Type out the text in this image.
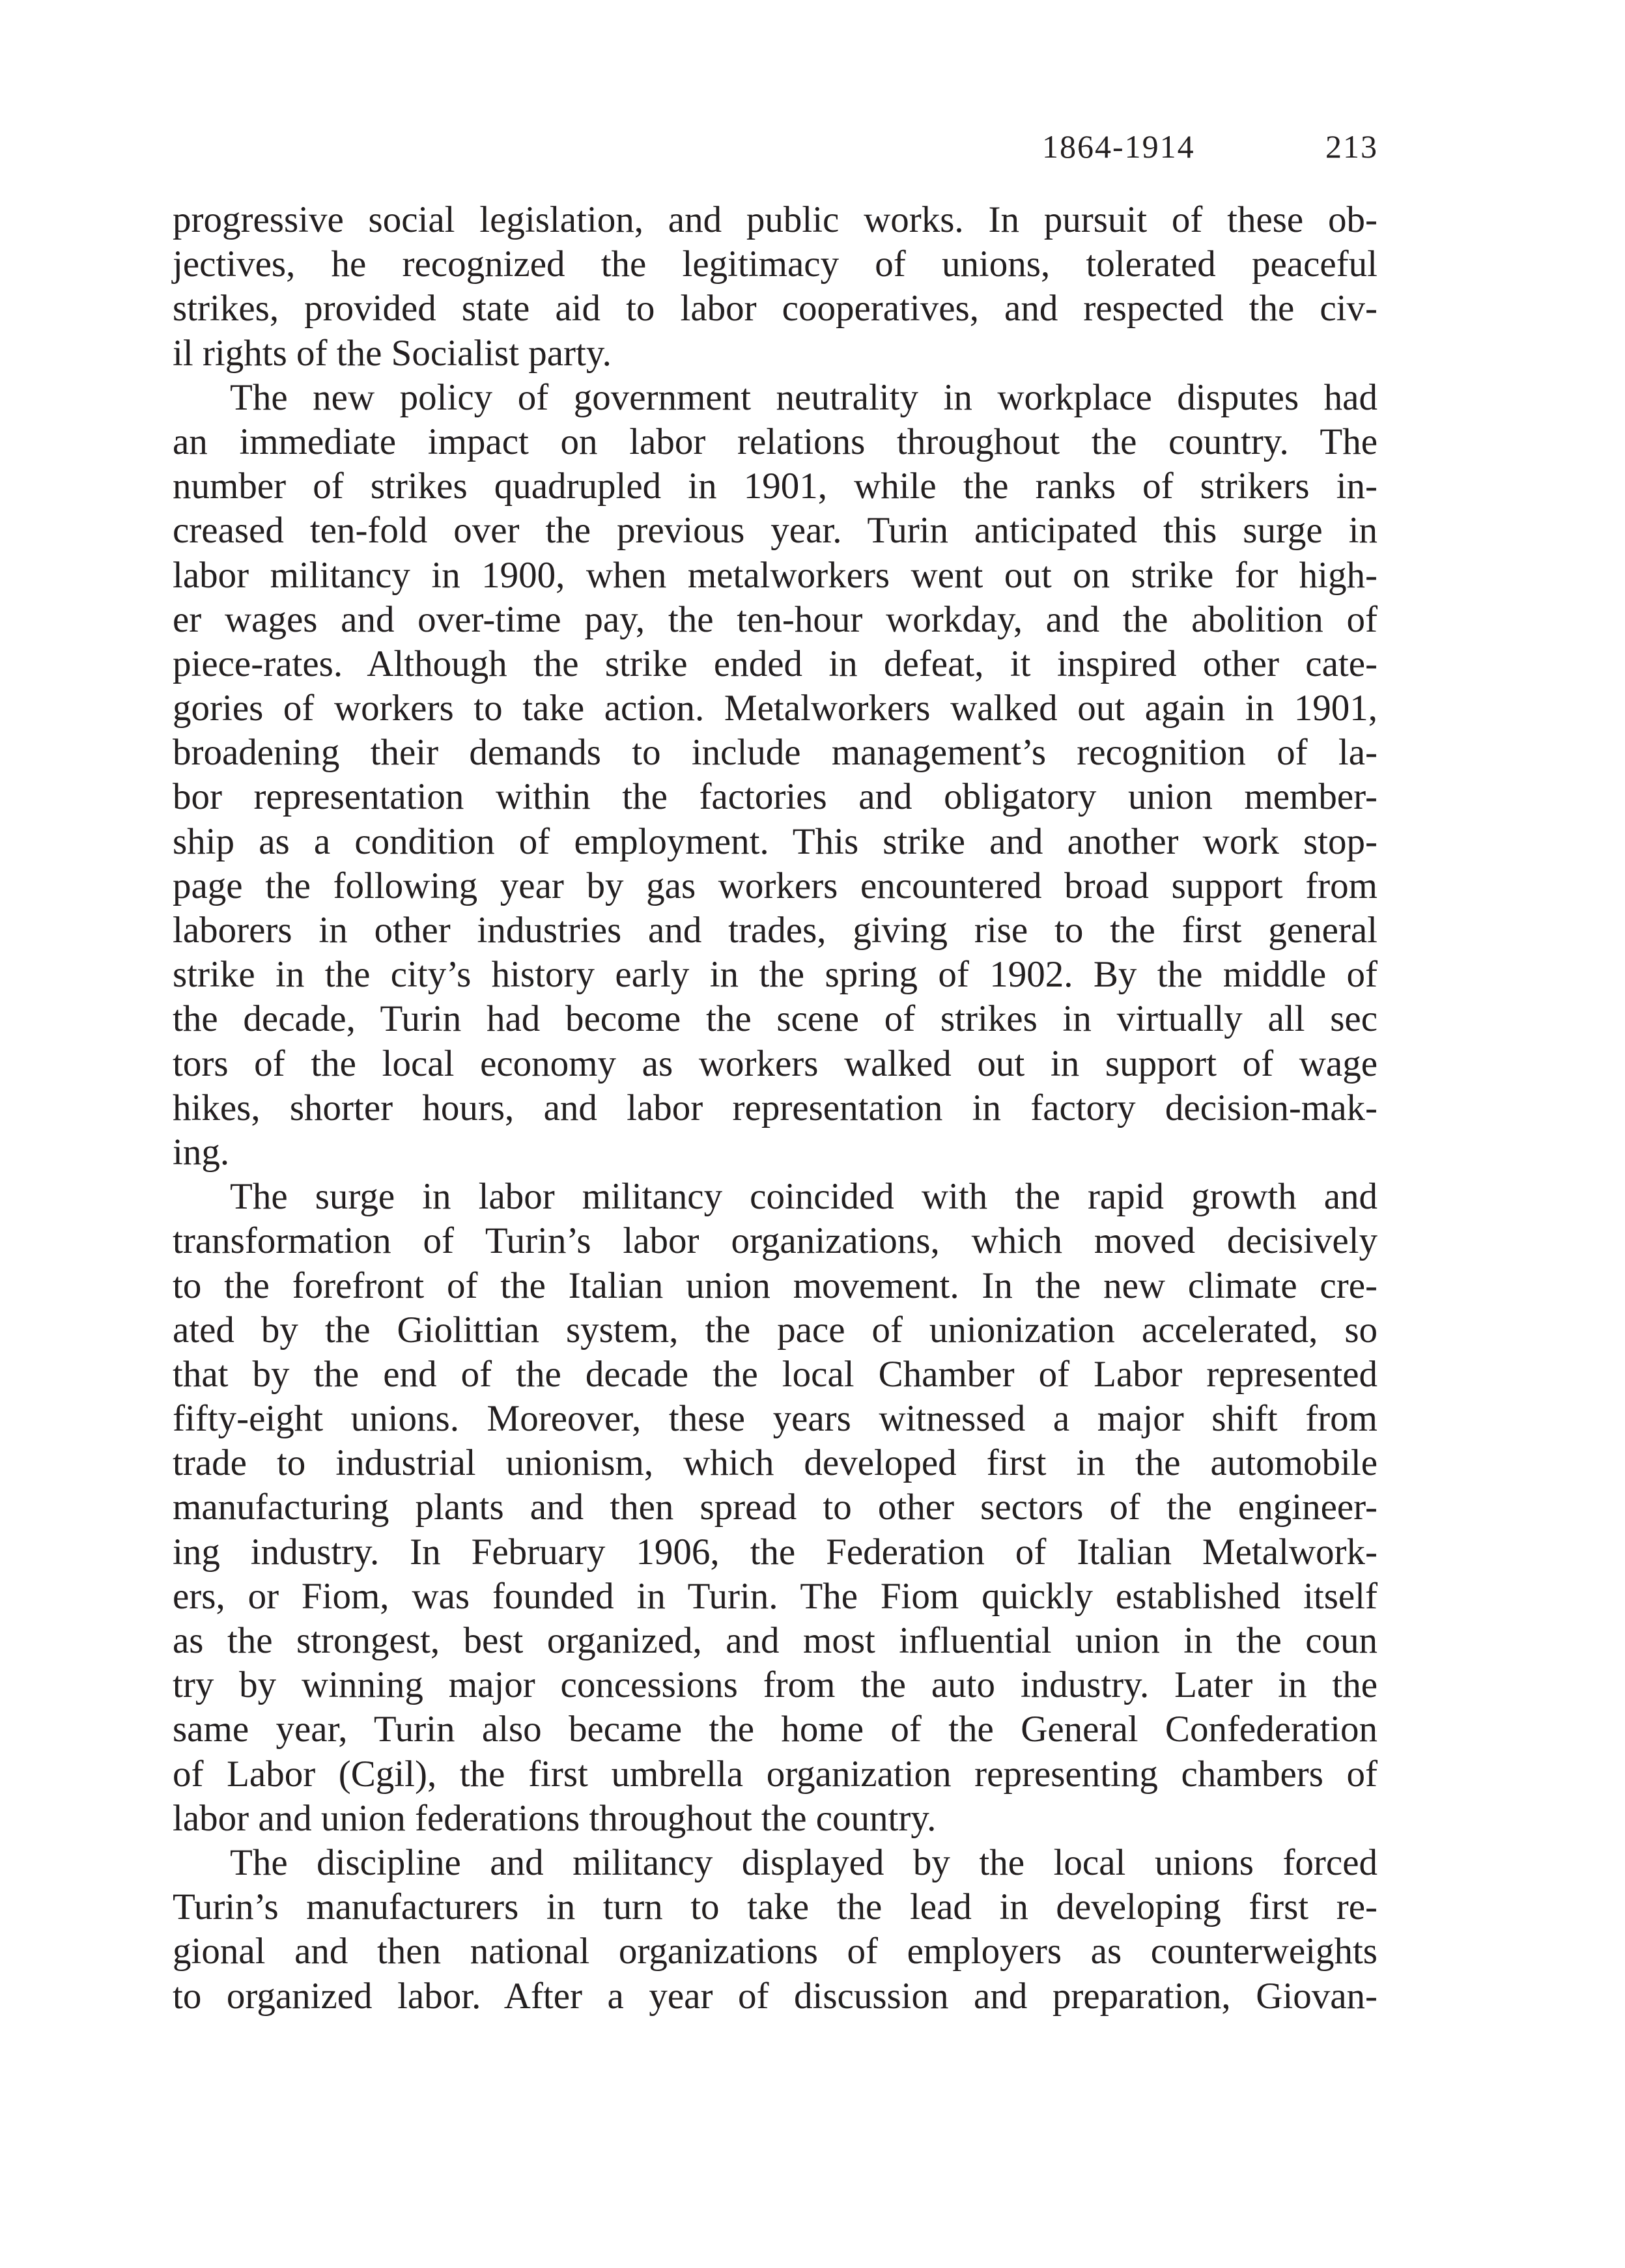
1864-1914	213
progressive social legislation, and public works. In pursuit of these ob-
jectives, he recognized the legitimacy of unions, tolerated peaceful
strikes, provided state aid to labor cooperatives, and respected the civ-
il rights of the Socialist party.
The new policy of government neutrality in workplace disputes had
an immediate impact on labor relations throughout the country. The
number of strikes quadrupled in 1901, while the ranks of strikers in-
creased ten-fold over the previous year. Turin anticipated this surge in
labor militancy in 1900, when metalworkers went out on strike for high-
er wages and over-time pay, the ten-hour workday, and the abolition of
piece-rates. Although the strike ended in defeat, it inspired other cate-
gories of workers to take action. Metalworkers walked out again in 1901,
broadening their demands to include management’s recognition of la-
bor representation within the factories and obligatory union member-
ship as a condition of employment. This strike and another work stop-
page the following year by gas workers encountered broad support from
laborers in other industries and trades, giving rise to the first general
strike in the city’s history early in the spring of 1902. By the middle of
the decade, Turin had become the scene of strikes in virtually all sec
tors of the local economy as workers walked out in support of wage
hikes, shorter hours, and labor representation in factory decision-mak-
ing.
The surge in labor militancy coincided with the rapid growth and
transformation of Turin’s labor organizations, which moved decisively
to the forefront of the Italian union movement. In the new climate cre-
ated by the Giolittian system, the pace of unionization accelerated, so
that by the end of the decade the local Chamber of Labor represented
fifty-eight unions. Moreover, these years witnessed a major shift from
trade to industrial unionism, which developed first in the automobile
manufacturing plants and then spread to other sectors of the engineer-
ing industry. In February 1906, the Federation of Italian Metalwork-
ers, or Fiom, was founded in Turin. The Fiom quickly established itself
as the strongest, best organized, and most influential union in the coun
try by winning major concessions from the auto industry. Later in the
same year, Turin also became the home of the General Confederation
of Labor (Cgil), the first umbrella organization representing chambers of
labor and union federations throughout the country.
The discipline and militancy displayed by the local unions forced
Turin’s manufacturers in turn to take the lead in developing first re-
gional and then national organizations of employers as counterweights
to organized labor. After a year of discussion and preparation, Giovan-
